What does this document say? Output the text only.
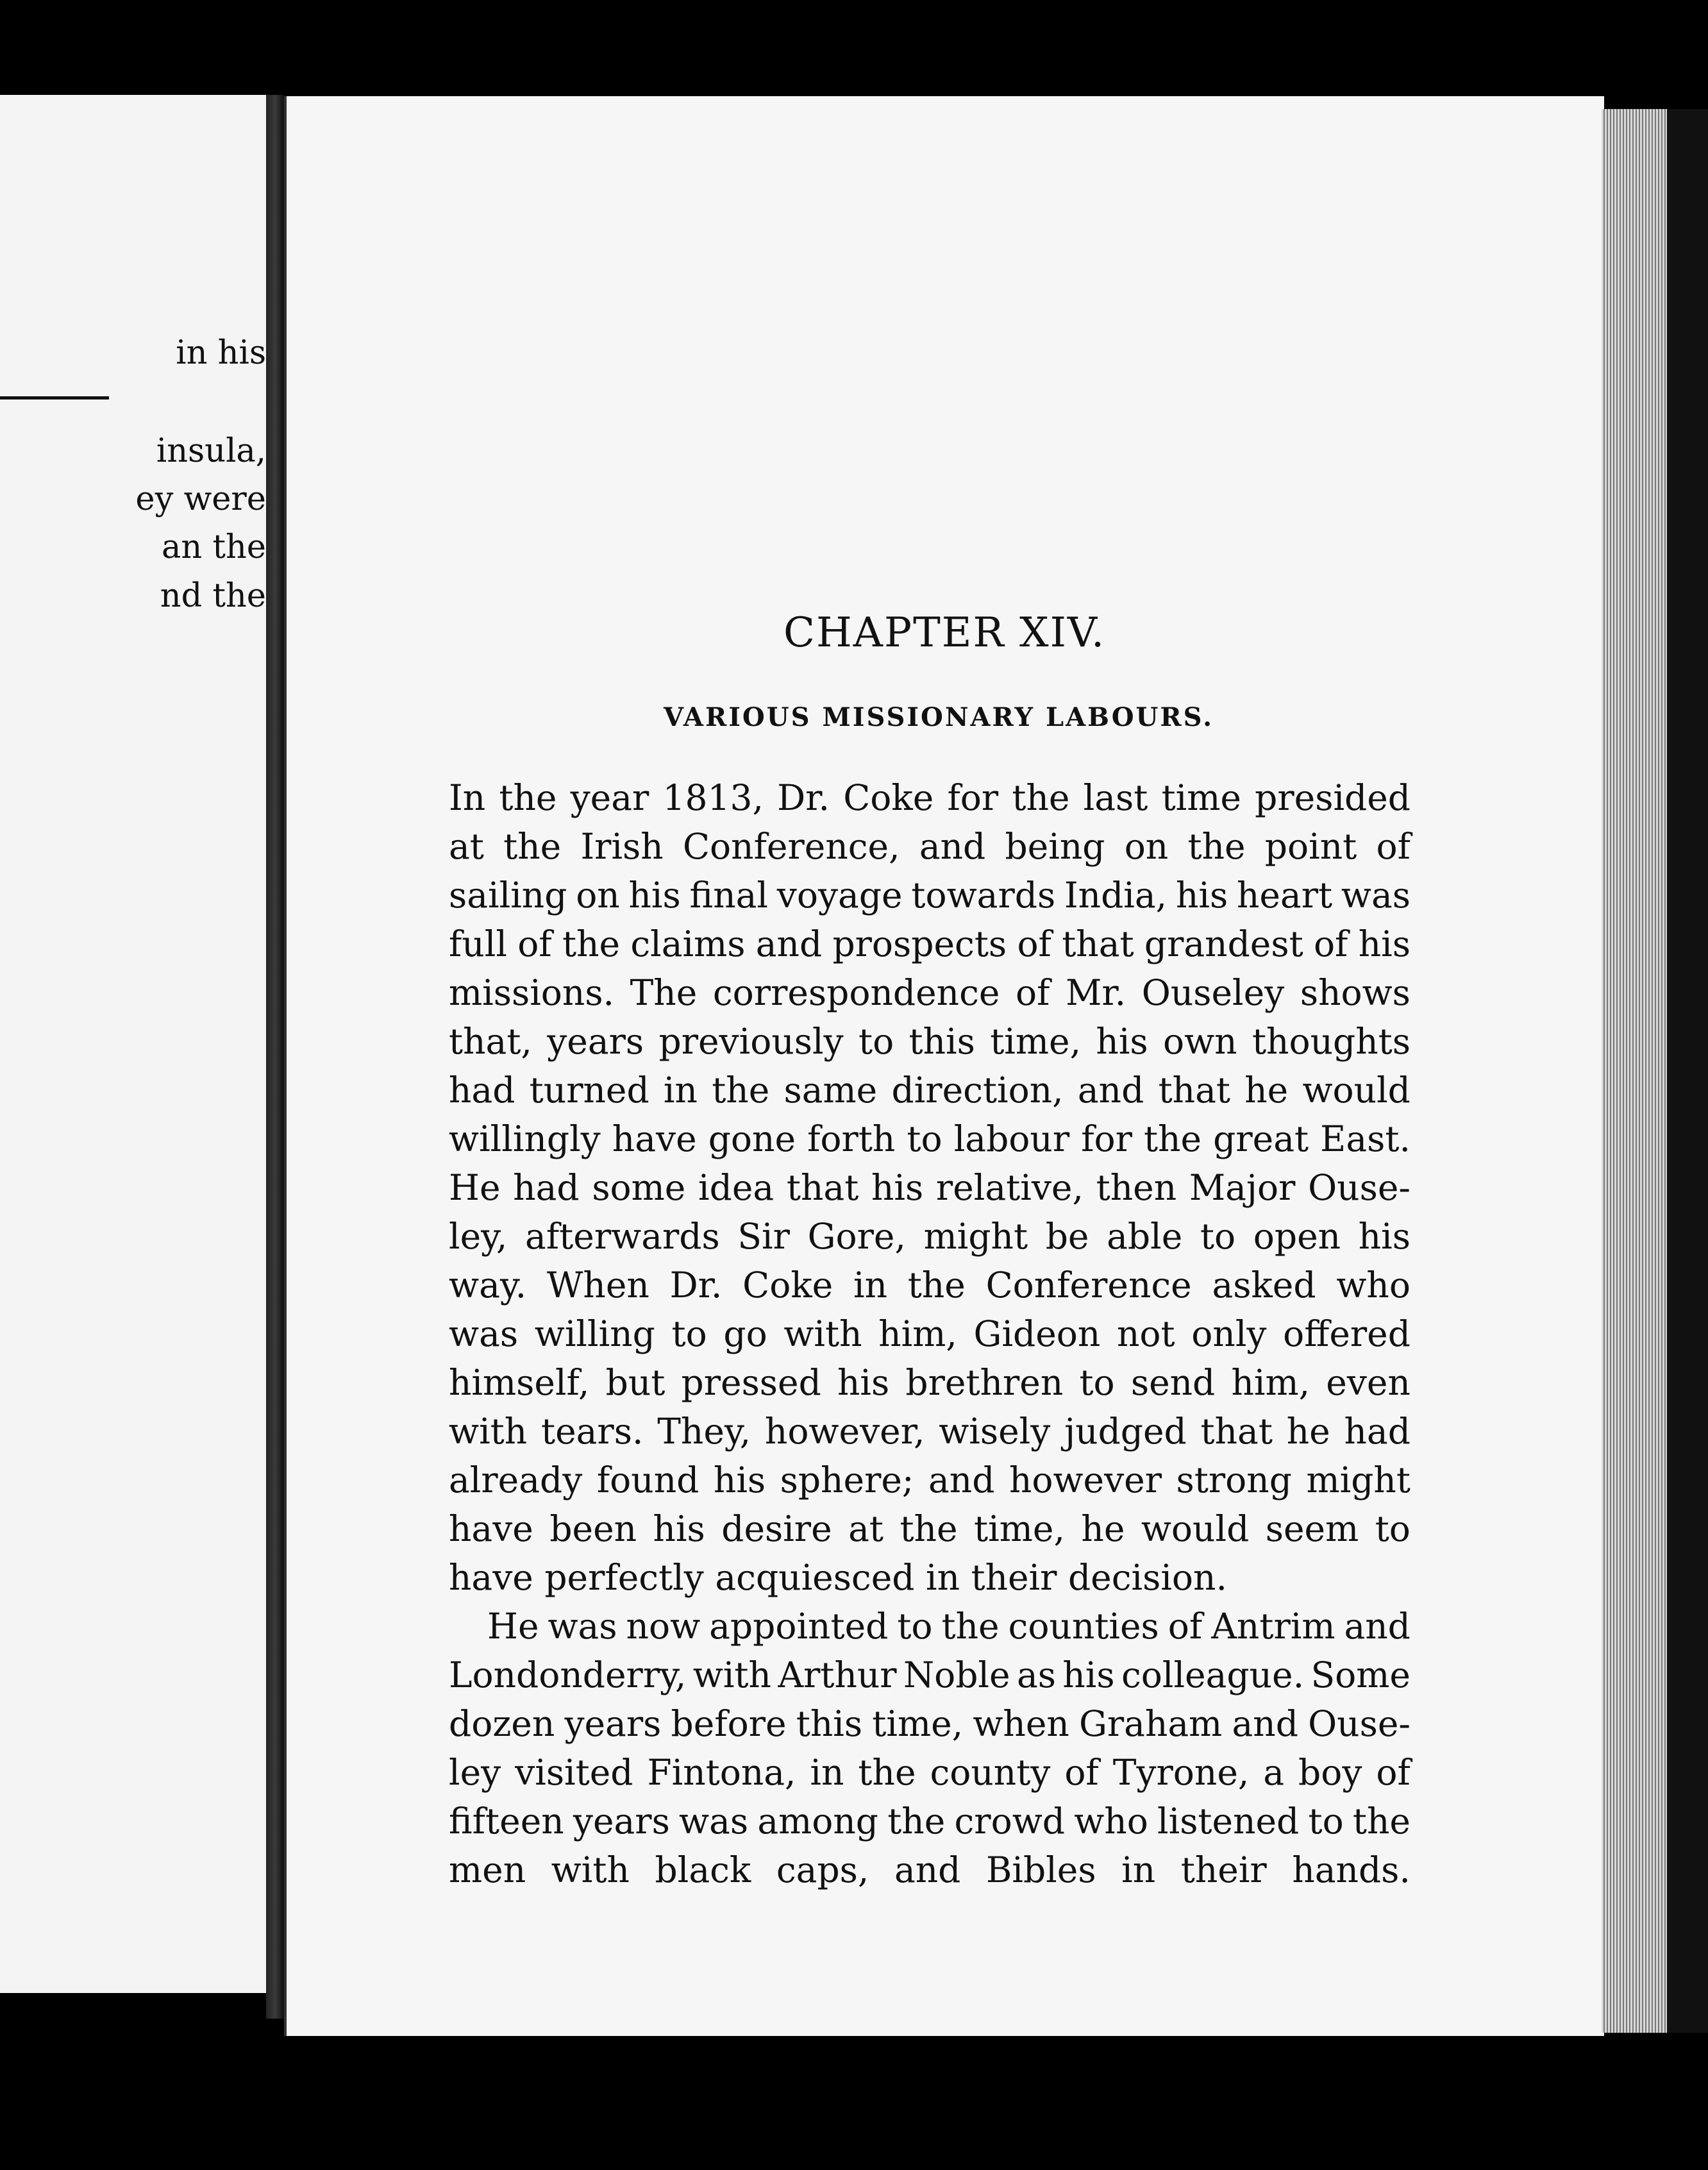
in his
insula,
ey were
an the
nd the
CHAPTER XIV.
VARIOUS MISSIONARY LABOURS.
In the year 1813, Dr. Coke for the last time presided
at the Irish Conference, and being on the point of
sailing on his final voyage towards India, his heart was
full of the claims and prospects of that grandest of his
missions. The correspondence of Mr. Ouseley shows
that, years previously to this time, his own thoughts
had turned in the same direction, and that he would
willingly have gone forth to labour for the great East.
He had some idea that his relative, then Major Ouse-
ley, afterwards Sir Gore, might be able to open his
way. When Dr. Coke in the Conference asked who
was willing to go with him, Gideon not only offered
himself, but pressed his brethren to send him, even
with tears. They, however, wisely judged that he had
already found his sphere; and however strong might
have been his desire at the time, he would seem to
have perfectly acquiesced in their decision.
He was now appointed to the counties of Antrim and
Londonderry, with Arthur Noble as his colleague. Some
dozen years before this time, when Graham and Ouse-
ley visited Fintona, in the county of Tyrone, a boy of
fifteen years was among the crowd who listened to the
men with black caps, and Bibles in their hands.
